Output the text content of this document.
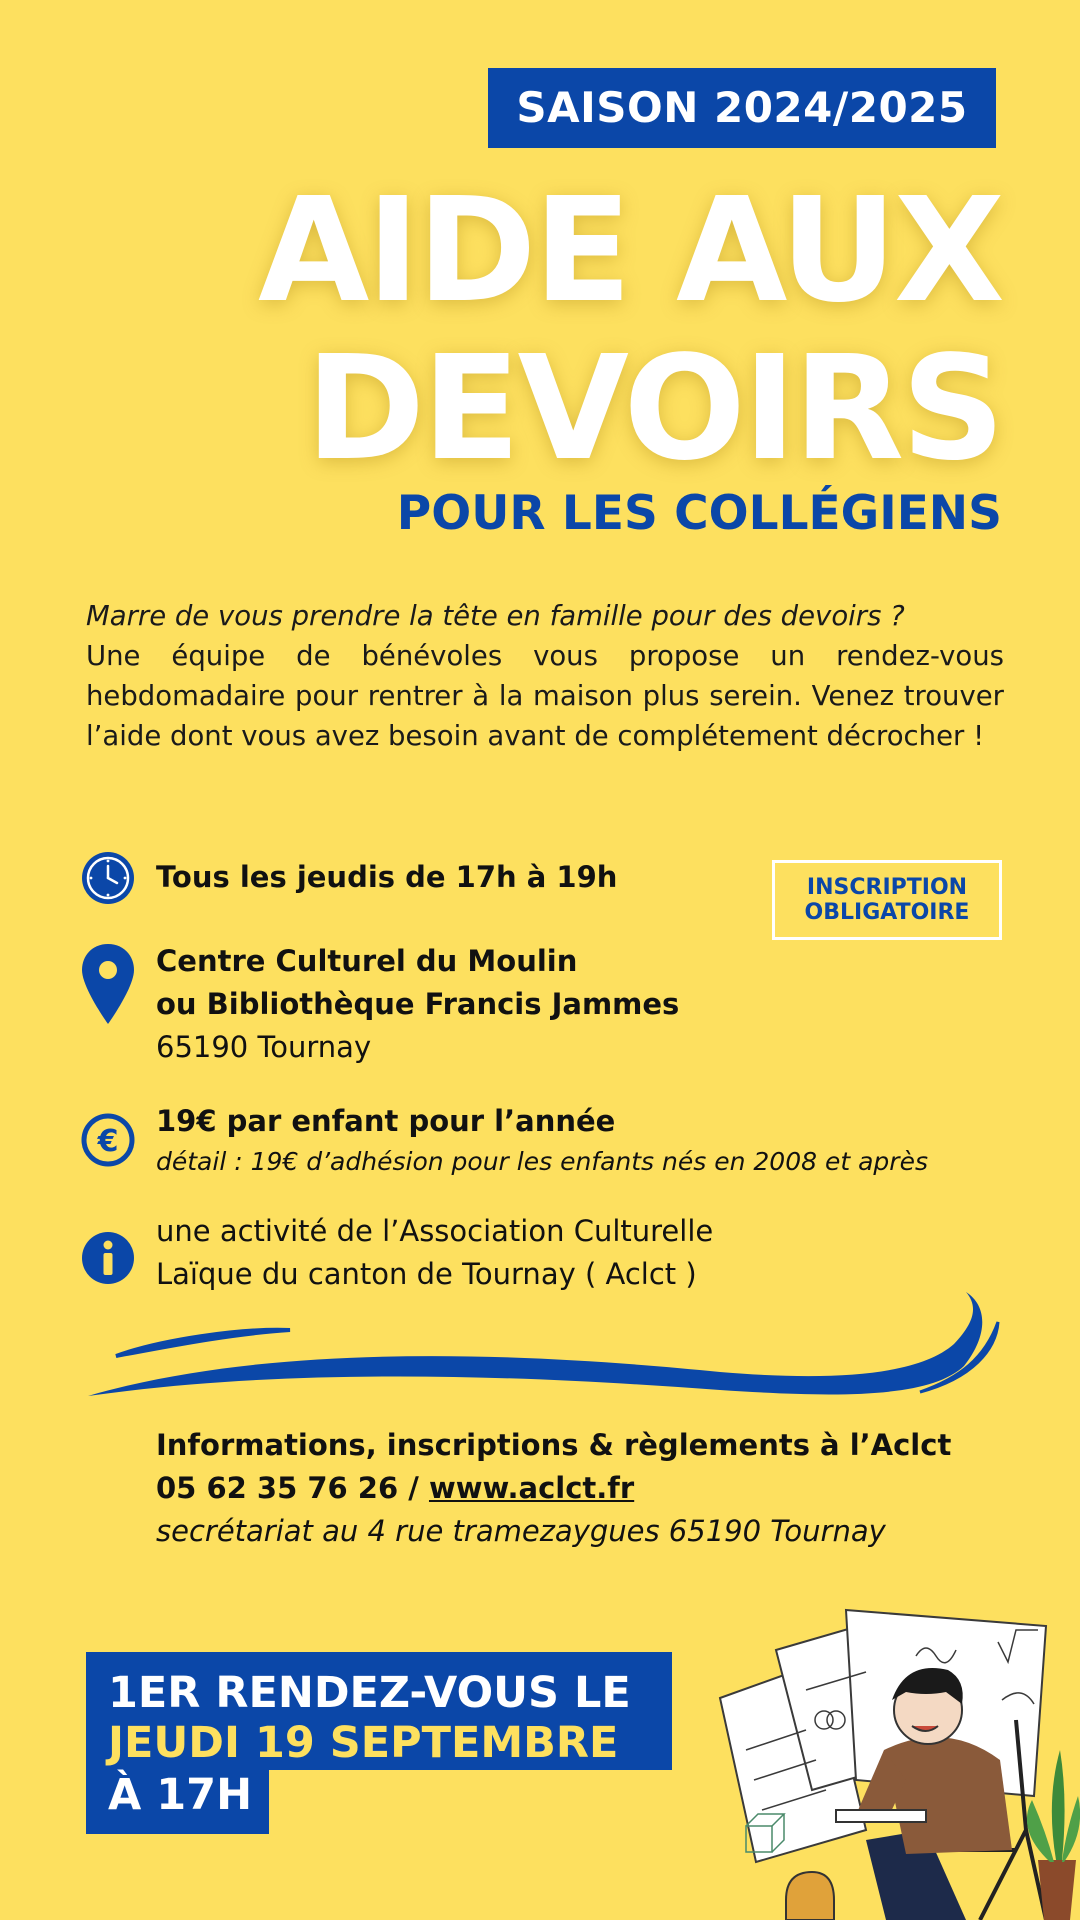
SAISON 2024/2025
AIDE AUX
DEVOIRS
POUR LES COLLÉGIENS
Marre de vous prendre la tête en famille pour des devoirs ?
Une équipe de bénévoles vous propose un rendez-vous hebdomadaire pour rentrer à la maison plus serein. Venez trouver l’aide dont vous avez besoin avant de complétement décrocher !
Tous les jeudis de 17h à 19h	INSCRIPTION
OBLIGATOIRE
Centre Culturel du Moulin
ou Bibliothèque Francis Jammes
65190 Tournay
€
19€ par enfant pour l’année
détail : 19€ d’adhésion pour les enfants nés en 2008 et après
une activité de l’Association Culturelle
Laïque du canton de Tournay ( Aclct )
Informations, inscriptions & règlements à l’Aclct
05 62 35 76 26 / www.aclct.fr
secrétariat au 4 rue tramezaygues 65190 Tournay
1ER RENDEZ-VOUS LE
JEUDI 19 SEPTEMBRE
À 17H
